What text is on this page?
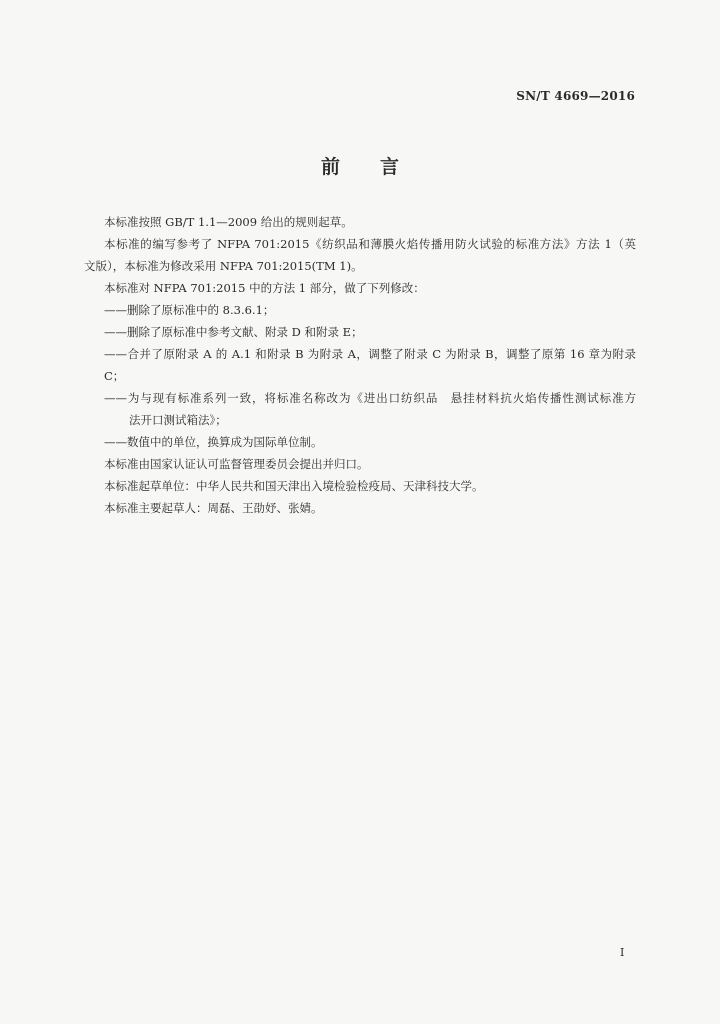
SN/T 4669—2016
前言

本标准按照 GB/T 1.1—2009 给出的规则起草。

本标准的编写参考了 NFPA 701:2015《纺织品和薄膜火焰传播用防火试验的标准方法》方法 1（英

文版），本标准为修改采用 NFPA 701:2015(TM 1)。

本标准对 NFPA 701:2015 中的方法 1 部分，做了下列修改：

——删除了原标准中的 8.3.6.1；

——删除了原标准中参考文献、附录 D 和附录 E；

——合并了原附录 A 的 A.1 和附录 B 为附录 A，调整了附录 C 为附录 B，调整了原第 16 章为附录 C；

——为与现有标准系列一致，将标准名称改为《进出口纺织品　悬挂材料抗火焰传播性测试标准方

法开口测试箱法》；

——数值中的单位，换算成为国际单位制。

本标准由国家认证认可监督管理委员会提出并归口。

本标准起草单位：中华人民共和国天津出入境检验检疫局、天津科技大学。

本标准主要起草人：周磊、王劭妤、张婧。

I
